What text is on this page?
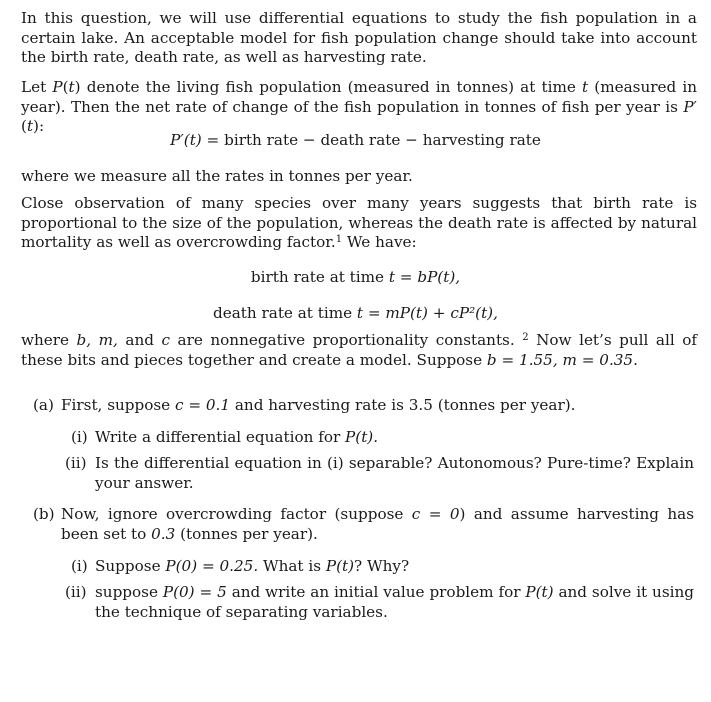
In this question, we will use differential equations to study the fish population in a certain lake. An acceptable model for fish population change should take into account the birth rate, death rate, as well as harvesting rate.

Let P(t) denote the living fish population (measured in tonnes) at time t (measured in year). Then the net rate of change of the fish population in tonnes of fish per year is P′(t):

P′(t) = birth rate − death rate − harvesting rate

where we measure all the rates in tonnes per year.

Close observation of many species over many years suggests that birth rate is proportional to the size of the population, whereas the death rate is affected by natural mortality as well as overcrowding factor.$^1$ We have:

birth rate at time t = bP(t),

death rate at time t = mP(t) + cP²(t),

where b, m, and c are nonnegative proportionality constants. $^2$ Now let’s pull all of these bits and pieces together and create a model. Suppose b = 1.55, m = 0.35.

(a) First, suppose c = 0.1 and harvesting rate is 3.5 (tonnes per year).
(i) Write a differential equation for P(t).
(ii) Is the differential equation in (i) separable? Autonomous? Pure-time? Explain your answer.
(b) Now, ignore overcrowding factor (suppose c = 0) and assume harvesting has been set to 0.3 (tonnes per year).
(i) Suppose P(0) = 0.25. What is P(t)? Why?
(ii) suppose P(0) = 5 and write an initial value problem for P(t) and solve it using the technique of separating variables.
